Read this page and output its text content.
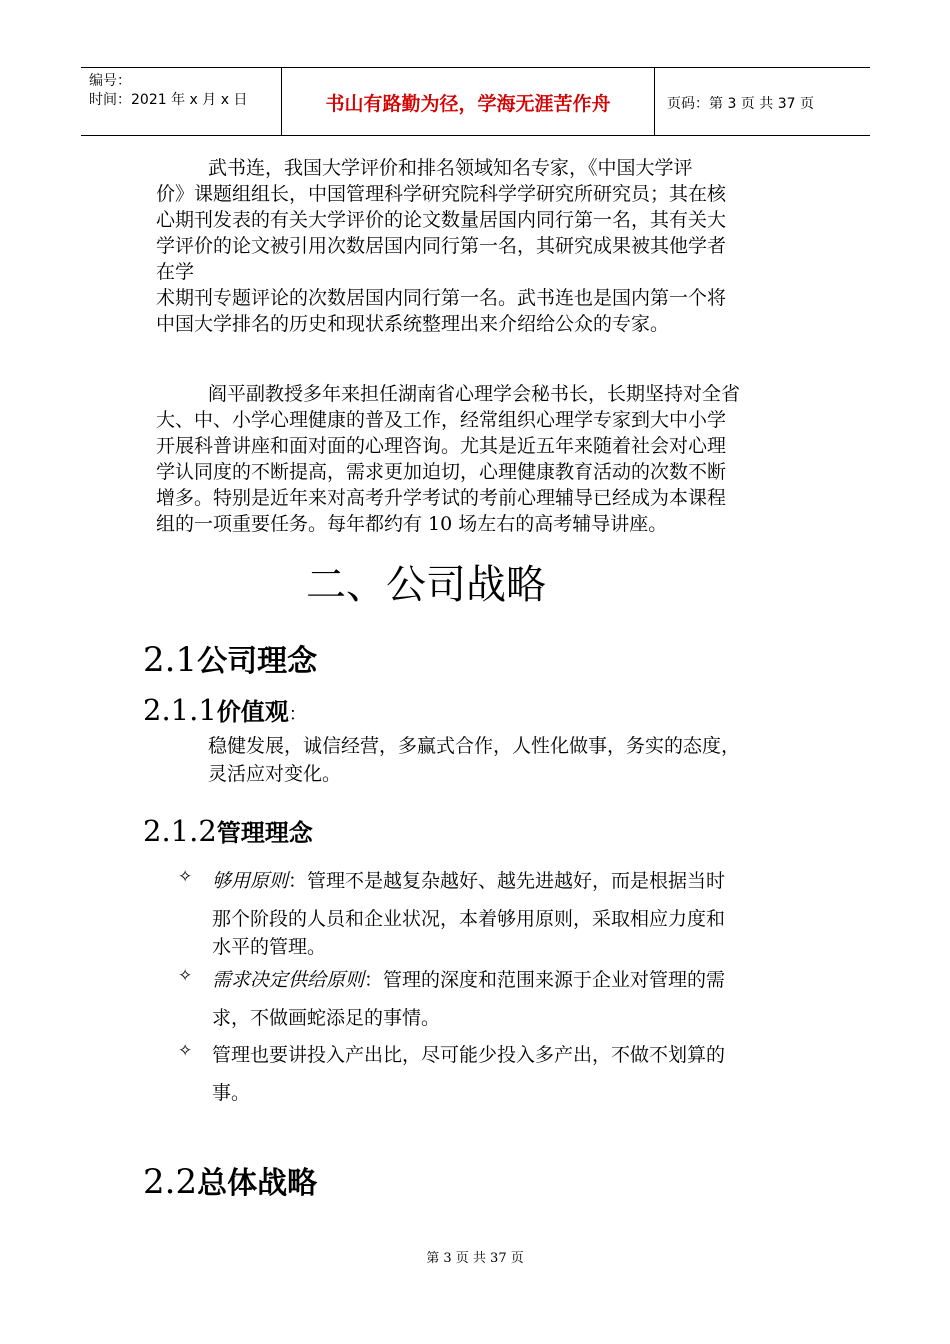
编号：
时间：2021 年 x 月 x 日	书山有路勤为径，学海无涯苦作舟	页码：第 3 页 共 37 页

武书连，我国大学评价和排名领域知名专家，《中国大学评

价》课题组组长，中国管理科学研究院科学学研究所研究员；其在核

心期刊发表的有关大学评价的论文数量居国内同行第一名，其有关大

学评价的论文被引用次数居国内同行第一名，其研究成果被其他学者

在学

术期刊专题评论的次数居国内同行第一名。武书连也是国内第一个将

中国大学排名的历史和现状系统整理出来介绍给公众的专家。

阎平副教授多年来担任湖南省心理学会秘书长，长期坚持对全省

大、中、小学心理健康的普及工作，经常组织心理学专家到大中小学

开展科普讲座和面对面的心理咨询。尤其是近五年来随着社会对心理

学认同度的不断提高，需求更加迫切，心理健康教育活动的次数不断

增多。特别是近年来对高考升学考试的考前心理辅导已经成为本课程

组的一项重要任务。每年都约有 10 场左右的高考辅导讲座。

二、公司战略
2.1公司理念
2.1.1价值观：

稳健发展，诚信经营，多赢式合作，人性化做事，务实的态度，

灵活应对变化。

2.1.2管理理念
✧ 够用原则：管理不是越复杂越好、越先进越好，而是根据当时

那个阶段的人员和企业状况，本着够用原则，采取相应力度和

水平的管理。

✧ 需求决定供给原则：管理的深度和范围来源于企业对管理的需

求，不做画蛇添足的事情。

✧ 管理也要讲投入产出比，尽可能少投入多产出，不做不划算的

事。

2.2总体战略
第 3 页 共 37 页
